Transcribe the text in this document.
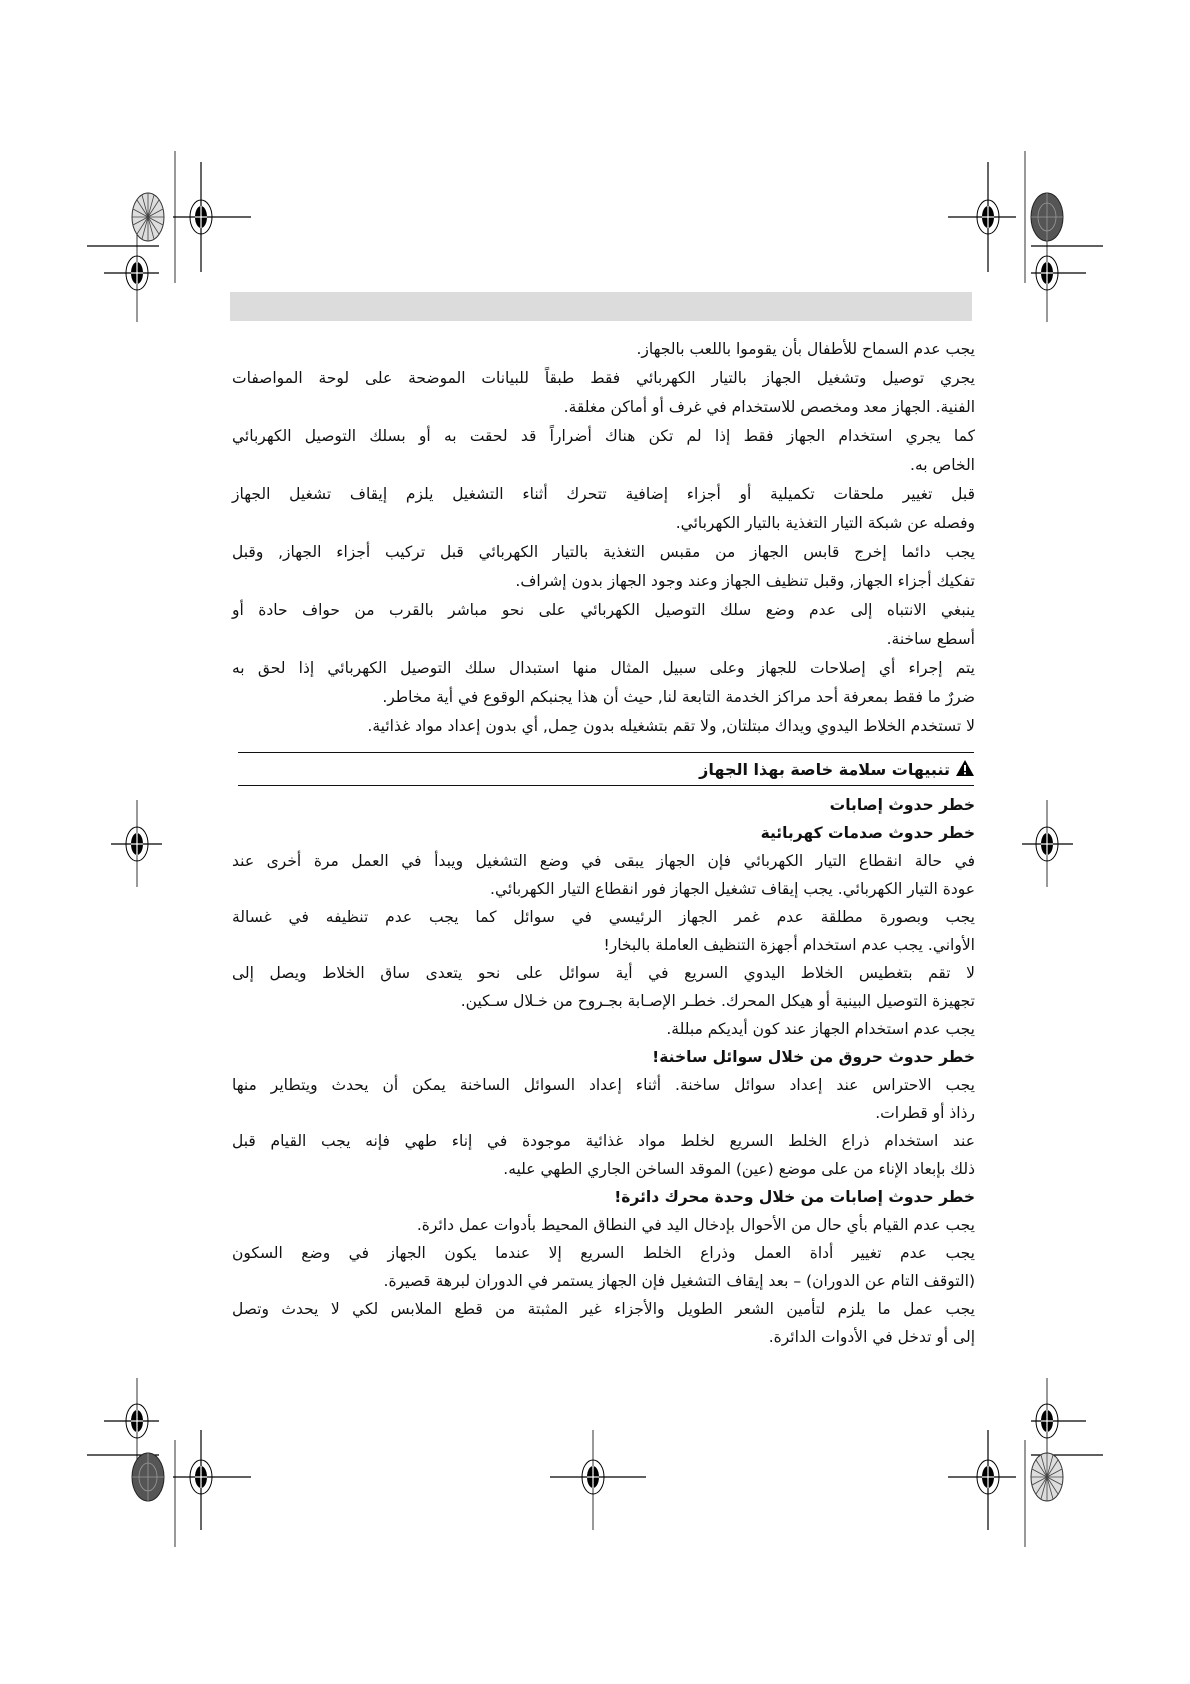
يجب عدم السماح للأطفال بأن يقوموا باللعب بالجهاز.
يجري توصيل وتشغيل الجهاز بالتيار الكهربائي فقط طبقاً للبيانات الموضحة على لوحة المواصفات
الفنية. الجهاز معد ومخصص للاستخدام في غرف أو أماكن مغلقة.
كما يجري استخدام الجهاز فقط إذا لم تكن هناك أضراراً قد لحقت به أو بسلك التوصيل الكهربائي
الخاص به.
قبل تغيير ملحقات تكميلية أو أجزاء إضافية تتحرك أثناء التشغيل يلزم إيقاف تشغيل الجهاز
وفصله عن شبكة التيار التغذية بالتيار الكهربائي.
يجب دائما إخرج قابس الجهاز من مقبس التغذية بالتيار الكهربائي قبل تركيب أجزاء الجهاز, وقبل
تفكيك أجزاء الجهاز, وقبل تنظيف الجهاز وعند وجود الجهاز بدون إشراف.
ينبغي الانتباه إلى عدم وضع سلك التوصيل الكهربائي على نحو مباشر بالقرب من حواف حادة أو
أسطع ساخنة.
يتم إجراء أي إصلاحات للجهاز وعلى سبيل المثال منها استبدال سلك التوصيل الكهربائي إذا لحق به
ضررٌ ما فقط بمعرفة أحد مراكز الخدمة التابعة لنا, حيث أن هذا يجنبكم الوقوع في أية مخاطر.
لا تستخدم الخلاط اليدوي ويداك مبتلتان, ولا تقم بتشغيله بدون حِمل, أي بدون إعداد مواد غذائية.
تنبيهات سلامة خاصة بهذا الجهاز
خطر حدوث إصابات
خطر حدوث صدمات كهربائية
في حالة انقطاع التيار الكهربائي فإن الجهاز يبقى في وضع التشغيل ويبدأ في العمل مرة أخرى عند
عودة التيار الكهربائي. يجب إيقاف تشغيل الجهاز فور انقطاع التيار الكهربائي.
يجب وبصورة مطلقة عدم غمر الجهاز الرئيسي في سوائل كما يجب عدم تنظيفه في غسالة
الأواني. يجب عدم استخدام أجهزة التنظيف العاملة بالبخار!
لا تقم بتغطيس الخلاط اليدوي السريع في أية سوائل على نحو يتعدى ساق الخلاط ويصل إلى
تجهيزة التوصيل البينية أو هيكل المحرك. خطـر الإصـابة بجـروح من خـلال سـكين.
يجب عدم استخدام الجهاز عند كون أيديكم مبللة.
خطر حدوث حروق من خلال سوائل ساخنة!
يجب الاحتراس عند إعداد سوائل ساخنة. أثناء إعداد السوائل الساخنة يمكن أن يحدث ويتطاير منها
رذاذ أو قطرات.
عند استخدام ذراع الخلط السريع لخلط مواد غذائية موجودة في إناء طهي فإنه يجب القيام قبل
ذلك بإبعاد الإناء من على موضع (عين) الموقد الساخن الجاري الطهي عليه.
خطر حدوث إصابات من خلال وحدة محرك دائرة!
يجب عدم القيام بأي حال من الأحوال بإدخال اليد في النطاق المحيط بأدوات عمل دائرة.
يجب عدم تغيير أداة العمل وذراع الخلط السريع إلا عندما يكون الجهاز في وضع السكون
(التوقف التام عن الدوران) – بعد إيقاف التشغيل فإن الجهاز يستمر في الدوران لبرهة قصيرة.
يجب عمل ما يلزم لتأمين الشعر الطويل والأجزاء غير المثبتة من قطع الملابس لكي لا يحدث وتصل
إلى أو تدخل في الأدوات الدائرة.
